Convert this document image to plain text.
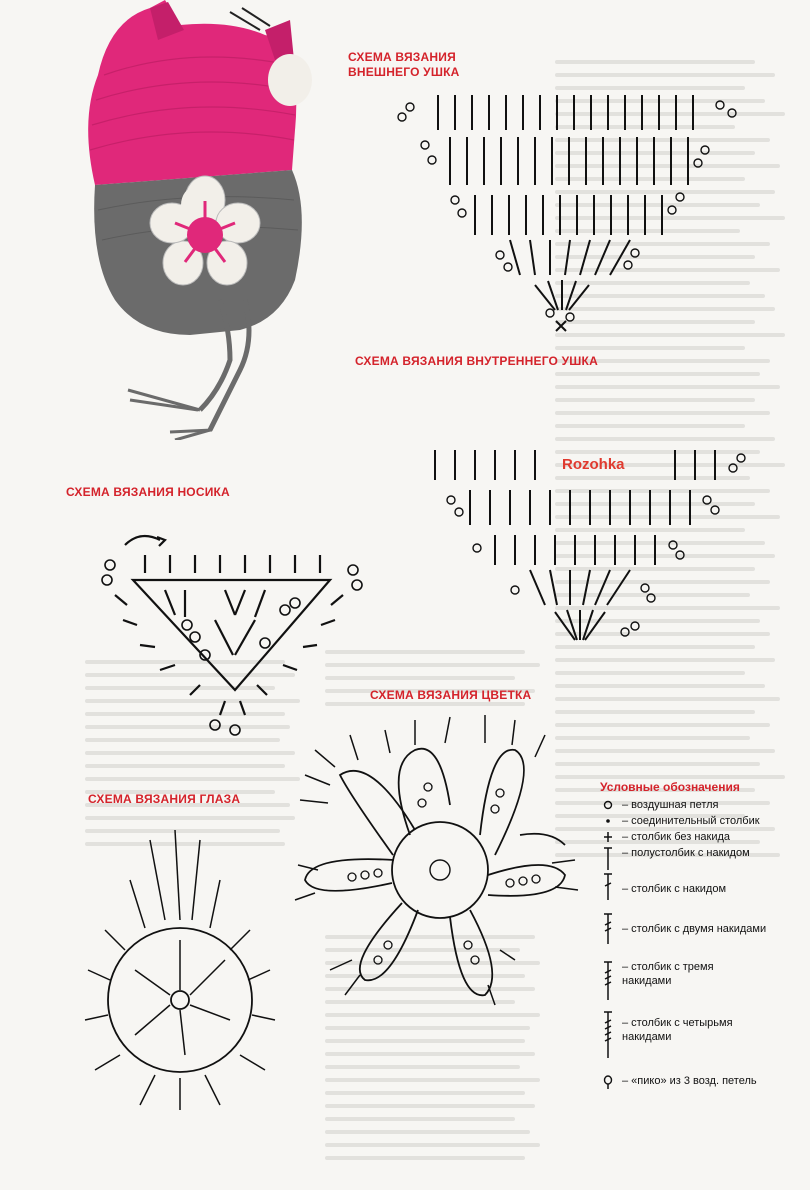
СХЕМА ВЯЗАНИЯ ВНЕШНЕГО УШКА
СХЕМА ВЯЗАНИЯ ВНУТРЕННЕГО УШКА
СХЕМА ВЯЗАНИЯ НОСИКА
СХЕМА ВЯЗАНИЯ ЦВЕТКА
СХЕМА ВЯЗАНИЯ ГЛАЗА
Rozohka
Условные обозначения
– воздушная петля
– соединительный столбик
– столбик без накида
– полустолбик с накидом
– столбик с накидом
– столбик с двумя накидами
– столбик с тремя накидами
– столбик с четырьмя накидами
– «пико» из 3 возд. петель
